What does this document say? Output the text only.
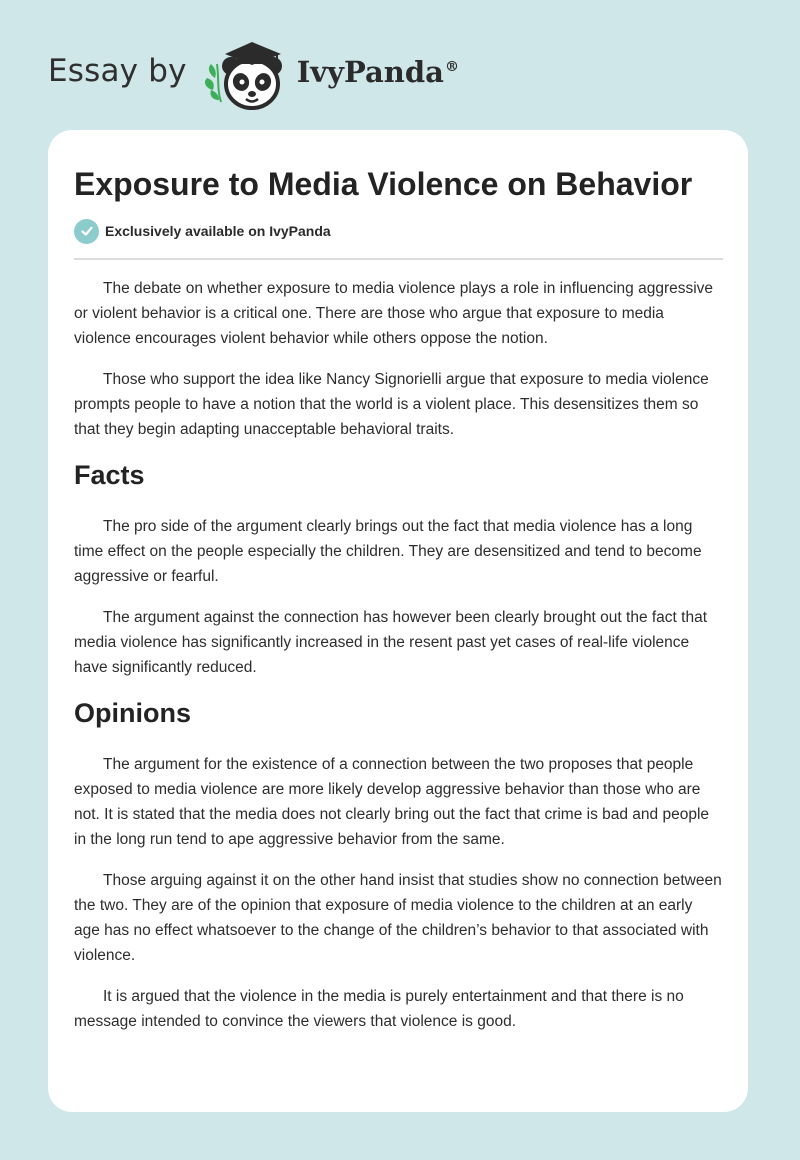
Essay by	IvyPanda®
Exposure to Media Violence on Behavior
Exclusively available on IvyPanda

The debate on whether exposure to media violence plays a role in influencing aggressive or violent behavior is a critical one. There are those who argue that exposure to media violence encourages violent behavior while others oppose the notion.

Those who support the idea like Nancy Signorielli argue that exposure to media violence prompts people to have a notion that the world is a violent place. This desensitizes them so that they begin adapting unacceptable behavioral traits.

Facts

The pro side of the argument clearly brings out the fact that media violence has a long time effect on the people especially the children. They are desensitized and tend to become aggressive or fearful.

The argument against the connection has however been clearly brought out the fact that media violence has significantly increased in the resent past yet cases of real-life violence have significantly reduced.

Opinions

The argument for the existence of a connection between the two proposes that people exposed to media violence are more likely develop aggressive behavior than those who are not. It is stated that the media does not clearly bring out the fact that crime is bad and people in the long run tend to ape aggressive behavior from the same.

Those arguing against it on the other hand insist that studies show no connection between the two. They are of the opinion that exposure of media violence to the children at an early age has no effect whatsoever to the change of the children’s behavior to that associated with violence.

It is argued that the violence in the media is purely entertainment and that there is no message intended to convince the viewers that violence is good.
